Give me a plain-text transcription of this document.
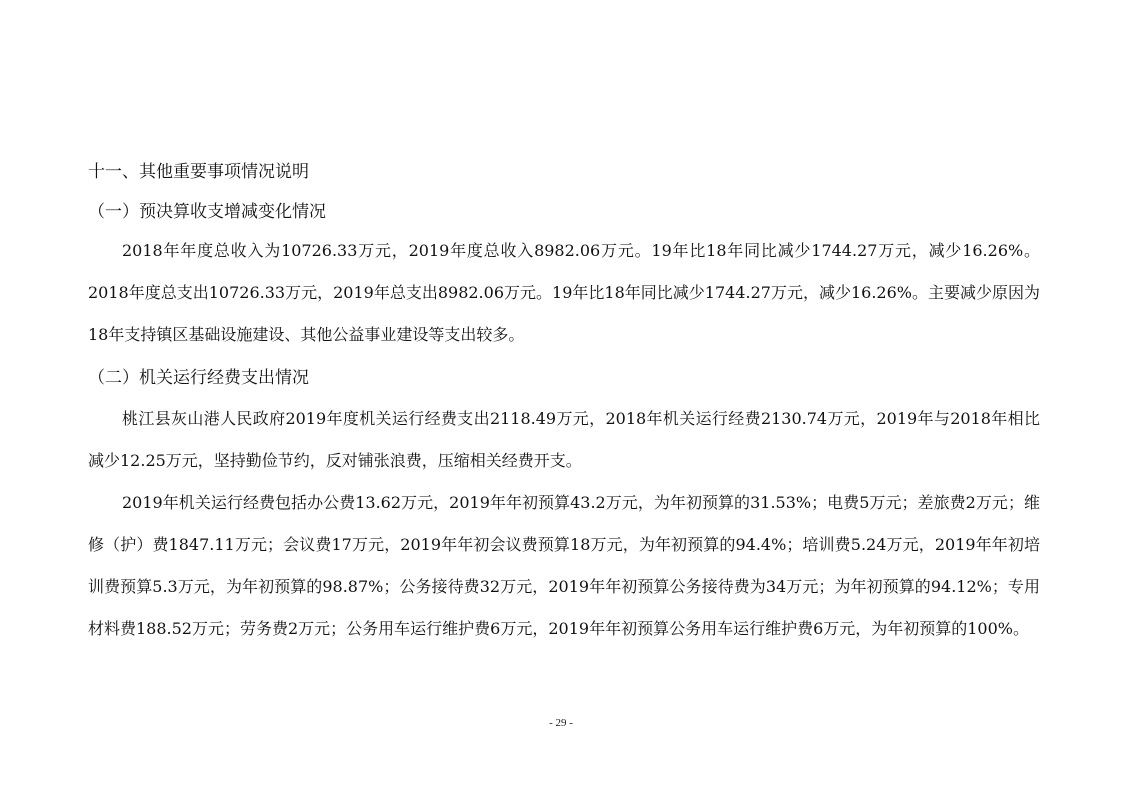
十一、其他重要事项情况说明
（一）预决算收支增减变化情况
2018年年度总收入为10726.33万元，2019年度总收入8982.06万元。19年比18年同比减少1744.27万元，减少16.26%。2018年度总支出10726.33万元，2019年总支出8982.06万元。19年比18年同比减少1744.27万元，减少16.26%。主要减少原因为18年支持镇区基础设施建设、其他公益事业建设等支出较多。
（二）机关运行经费支出情况
桃江县灰山港人民政府2019年度机关运行经费支出2118.49万元，2018年机关运行经费2130.74万元，2019年与2018年相比减少12.25万元，坚持勤俭节约，反对铺张浪费，压缩相关经费开支。
2019年机关运行经费包括办公费13.62万元，2019年年初预算43.2万元，为年初预算的31.53%；电费5万元；差旅费2万元；维修（护）费1847.11万元；会议费17万元，2019年年初会议费预算18万元，为年初预算的94.4%；培训费5.24万元，2019年年初培训费预算5.3万元，为年初预算的98.87%；公务接待费32万元，2019年年初预算公务接待费为34万元；为年初预算的94.12%；专用材料费188.52万元；劳务费2万元；公务用车运行维护费6万元，2019年年初预算公务用车运行维护费6万元，为年初预算的100%。
- 29 -
